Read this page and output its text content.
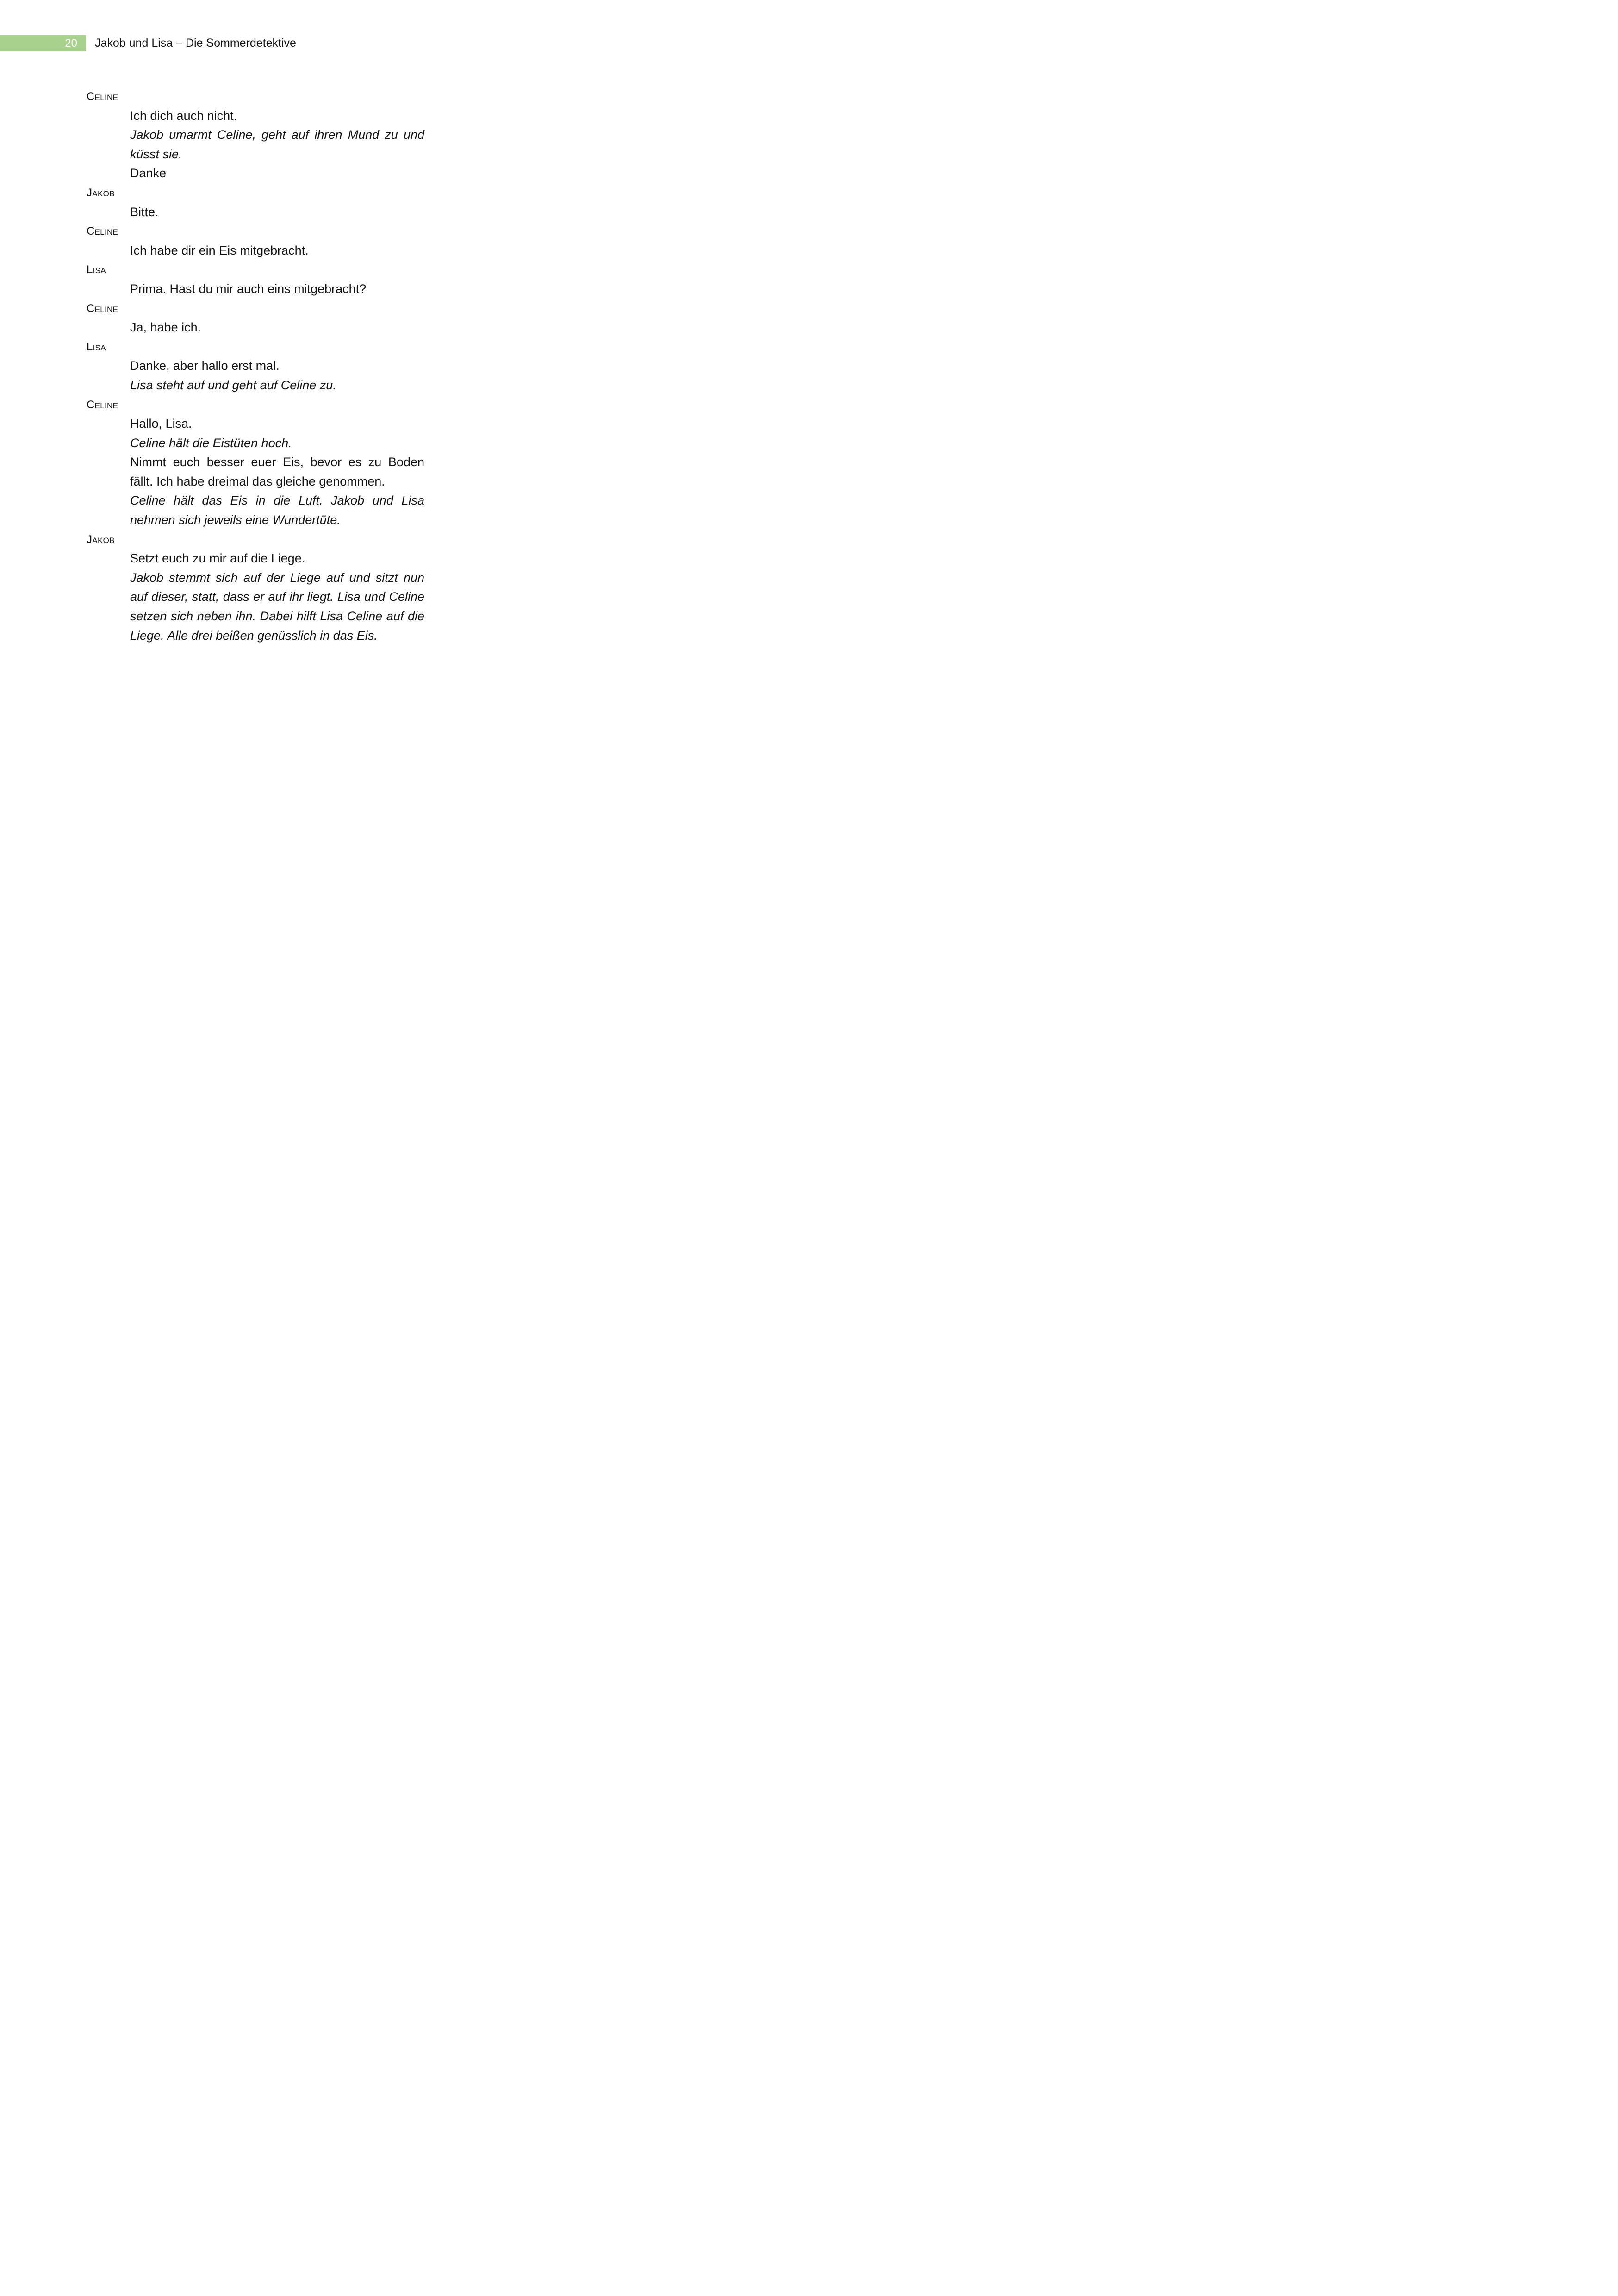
20 Jakob und Lisa – Die Sommerdetektive
Celine
Ich dich auch nicht.
Jakob umarmt Celine, geht auf ihren Mund zu und küsst sie.
Danke
Jakob
Bitte.
Celine
Ich habe dir ein Eis mitgebracht.
Lisa
Prima. Hast du mir auch eins mitgebracht?
Celine
Ja, habe ich.
Lisa
Danke, aber hallo erst mal.
Lisa steht auf und geht auf Celine zu.
Celine
Hallo, Lisa.
Celine hält die Eistüten hoch.
Nimmt euch besser euer Eis, bevor es zu Boden fällt. Ich habe dreimal das gleiche genommen.
Celine hält das Eis in die Luft. Jakob und Lisa nehmen sich jeweils eine Wundertüte.
Jakob
Setzt euch zu mir auf die Liege.
Jakob stemmt sich auf der Liege auf und sitzt nun auf dieser, statt, dass er auf ihr liegt. Lisa und Celine setzen sich neben ihn. Dabei hilft Lisa Celine auf die Liege. Alle drei beißen genüsslich in das Eis.
